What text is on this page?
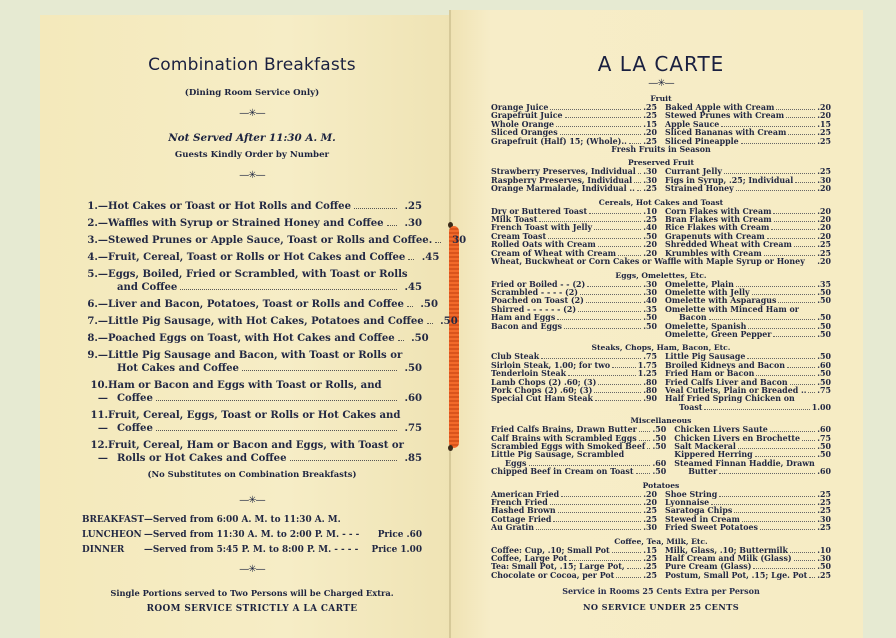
Combination Breakfasts
(Dining Room Service Only)
—✳—
Not Served After 11:30 A. M.
Guests Kindly Order by Number
—✳—
1.— Hot Cakes or Toast or Hot Rolls and Coffee	.25
2.— Waffles with Syrup or Strained Honey and Coffee	.30
3.— Stewed Prunes or Apple Sauce, Toast or Rolls and Coffee.	30
4.— Fruit, Cereal, Toast or Rolls or Hot Cakes and Coffee	.45
5.— Eggs, Boiled, Fried or Scrambled, with Toast or Rolls
and Coffee	.45
6.— Liver and Bacon, Potatoes, Toast or Rolls and Coffee	.50
7.— Little Pig Sausage, with Hot Cakes, Potatoes and Coffee	.50
8.— Poached Eggs on Toast, with Hot Cakes and Coffee	.50
9.— Little Pig Sausage and Bacon, with Toast or Rolls or
Hot Cakes and Coffee	.50
10.—
Ham or Bacon and Eggs with Toast or Rolls, and
Coffee	.60
11.—
Fruit, Cereal, Eggs, Toast or Rolls or Hot Cakes and
Coffee	.75
12.—
Fruit, Cereal, Ham or Bacon and Eggs, with Toast or
Rolls or Hot Cakes and Coffee	.85
(No Substitutes on Combination Breakfasts)
—✳—
BREAKFAST —Served from 6:00 A. M. to 11:30 A. M.
LUNCHEON —Served from 11:30 A. M. to 2:00 P. M. - - -	Price .60
DINNER	—Served from 5:45 P. M. to 8:00 P. M. - - - -	Price 1.00
—✳—
Single Portions served to Two Persons will be Charged Extra.
ROOM SERVICE STRICTLY A LA CARTE
A LA CARTE
—✳—
Fruit
Orange Juice	.25
Grapefruit Juice	.25
Whole Orange	.15
Sliced Oranges	.20
Grapefruit (Half) 15; (Whole).. .25
Baked Apple with Cream	.20
Stewed Prunes with Cream	.20
Apple Sauce	.15
Sliced Bananas with Cream	.25
Sliced Pineapple	.25
Fresh Fruits in Season
Preserved Fruit
Strawberry Preserves, Individual .30
Raspberry Preserves, Individual .30
Orange Marmalade, Individual .. .25
Currant Jelly	.25
Figs in Syrup, .25; Individual	.30
Strained Honey	.20
Cereals, Hot Cakes and Toast
Dry or Buttered Toast	.10
Milk Toast	.25
French Toast with Jelly	.40
Cream Toast	.50
Rolled Oats with Cream	.20
Cream of Wheat with Cream	.20
Corn Flakes with Cream	.20
Bran Flakes with Cream	.20
Rice Flakes with Cream	.20
Grapenuts with Cream	.20
Shredded Wheat with Cream	.25
Krumbles with Cream	.25
Wheat, Buckwheat or Corn Cakes or Waffle with Maple Syrup or Honey	.20
Eggs, Omelettes, Etc.
Fried or Boiled - - (2)	.30
Scrambled - - - - (2)	.30
Poached on Toast (2)	.40
Shirred - - - - - - (2)	.35
Ham and Eggs	.50
Bacon and Eggs	.50
Omelette, Plain	.35
Omelette with Jelly	.50
Omelette with Asparagus	.50
Omelette with Minced Ham or
Bacon	.50
Omelette, Spanish	.50
Omelette, Green Pepper	.50
Steaks, Chops, Ham, Bacon, Etc.
Club Steak	.75
Sirloin Steak, 1.00; for two	1.75
Tenderloin Steak	1.25
Lamb Chops (2) .60; (3)	.80
Pork Chops (2) .60; (3)	.80
Special Cut Ham Steak	.90
Little Pig Sausage	.50
Broiled Kidneys and Bacon	.60
Fried Ham or Bacon	.50
Fried Calfs Liver and Bacon	.50
Veal Cutlets, Plain or Breaded .. .75
Half Fried Spring Chicken on
Toast	1.00
Miscellaneous
Fried Calfs Brains, Drawn Butter .50
Calf Brains with Scrambled Eggs .50
Scrambled Eggs with Smoked Beef .50
Little Pig Sausage, Scrambled
Eggs	.60
Chipped Beef in Cream on Toast .50
Chicken Livers Saute	.60
Chicken Livers en Brochette .75
Salt Mackeral	.50
Kippered Herring	.50
Steamed Finnan Haddie, Drawn
Butter	.60
Potatoes
American Fried	.20
French Fried	.20
Hashed Brown	.25
Cottage Fried	.25
Au Gratin	.30
Shoe String	.25
Lyonnaise	.25
Saratoga Chips	.25
Stewed in Cream	.30
Fried Sweet Potatoes	.25
Coffee, Tea, Milk, Etc.
Coffee: Cup, .10; Small Pot	.15
Coffee, Large Pot	.25
Tea: Small Pot, .15; Large Pot, .25
Chocolate or Cocoa, per Pot	.25
Milk, Glass, .10; Buttermilk	.10
Half Cream and Milk (Glass)	.30
Pure Cream (Glass)	.50
Postum, Small Pot, .15; Lge. Pot .25
Service in Rooms 25 Cents Extra per Person
NO SERVICE UNDER 25 CENTS
